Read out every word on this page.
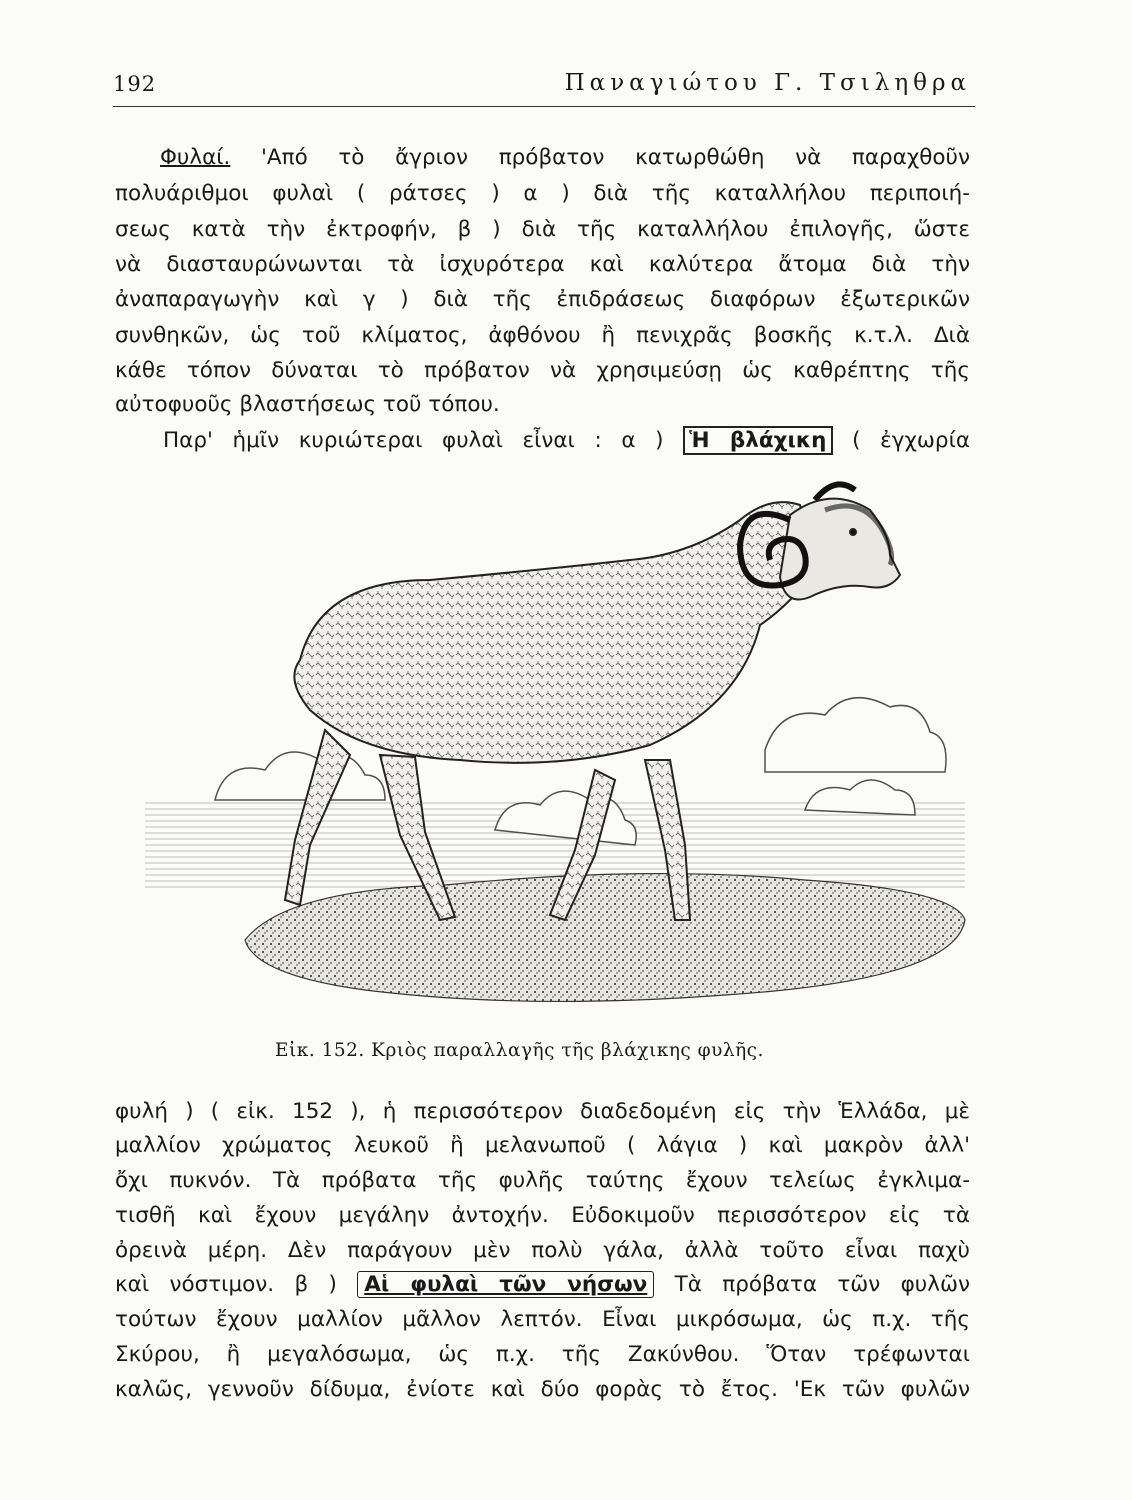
192	Παναγιώτου Γ. Τσιληθρα
Φυλαί. 'Από τὸ ἄγριον πρόβατον κατωρθώθη νὰ παραχθοῦν
πολυάριθμοι φυλαὶ ( ράτσες ) α ) διὰ τῆς καταλλήλου περιποιή-
σεως κατὰ τὴν ἐκτροφήν, β ) διὰ τῆς καταλλήλου ἐπιλογῆς, ὥστε
νὰ διασταυρώνωνται τὰ ἰσχυρότερα καὶ καλύτερα ἄτομα διὰ τὴν
ἀναπαραγωγὴν καὶ γ ) διὰ τῆς ἐπιδράσεως διαφόρων ἐξωτερικῶν
συνθηκῶν, ὡς τοῦ κλίματος, ἀφθόνου ἢ πενιχρᾶς βοσκῆς κ.τ.λ. Διὰ
κάθε τόπον δύναται τὸ πρόβατον νὰ χρησιμεύσῃ ὡς καθρέπτης τῆς
αὐτοφυοῦς βλαστήσεως τοῦ τόπου.
Παρ' ἡμῖν κυριώτεραι φυλαὶ εἶναι : α ) Ἡ βλάχικη ( ἐγχωρία
Εἰκ. 152. Κριὸς παραλλαγῆς τῆς βλάχικης φυλῆς.
φυλή ) ( εἰκ. 152 ), ἡ περισσότερον διαδεδομένη εἰς τὴν Ἑλλάδα, μὲ
μαλλίον χρώματος λευκοῦ ἢ μελανωποῦ ( λάγια ) καὶ μακρὸν ἀλλ'
ὄχι πυκνόν. Τὰ πρόβατα τῆς φυλῆς ταύτης ἔχουν τελείως ἐγκλιμα-
τισθῆ καὶ ἔχουν μεγάλην ἀντοχήν. Εὐδοκιμοῦν περισσότερον εἰς τὰ
ὀρεινὰ μέρη. Δὲν παράγουν μὲν πολὺ γάλα, ἀλλὰ τοῦτο εἶναι παχὺ
καὶ νόστιμον. β ) Αἱ φυλαὶ τῶν νήσων Τὰ πρόβατα τῶν φυλῶν
τούτων ἔχουν μαλλίον μᾶλλον λεπτόν. Εἶναι μικρόσωμα, ὡς π.χ. τῆς
Σκύρου, ἢ μεγαλόσωμα, ὡς π.χ. τῆς Ζακύνθου. Ὅταν τρέφωνται
καλῶς, γεννοῦν δίδυμα, ἐνίοτε καὶ δύο φορὰς τὸ ἔτος. 'Εκ τῶν φυλῶν
